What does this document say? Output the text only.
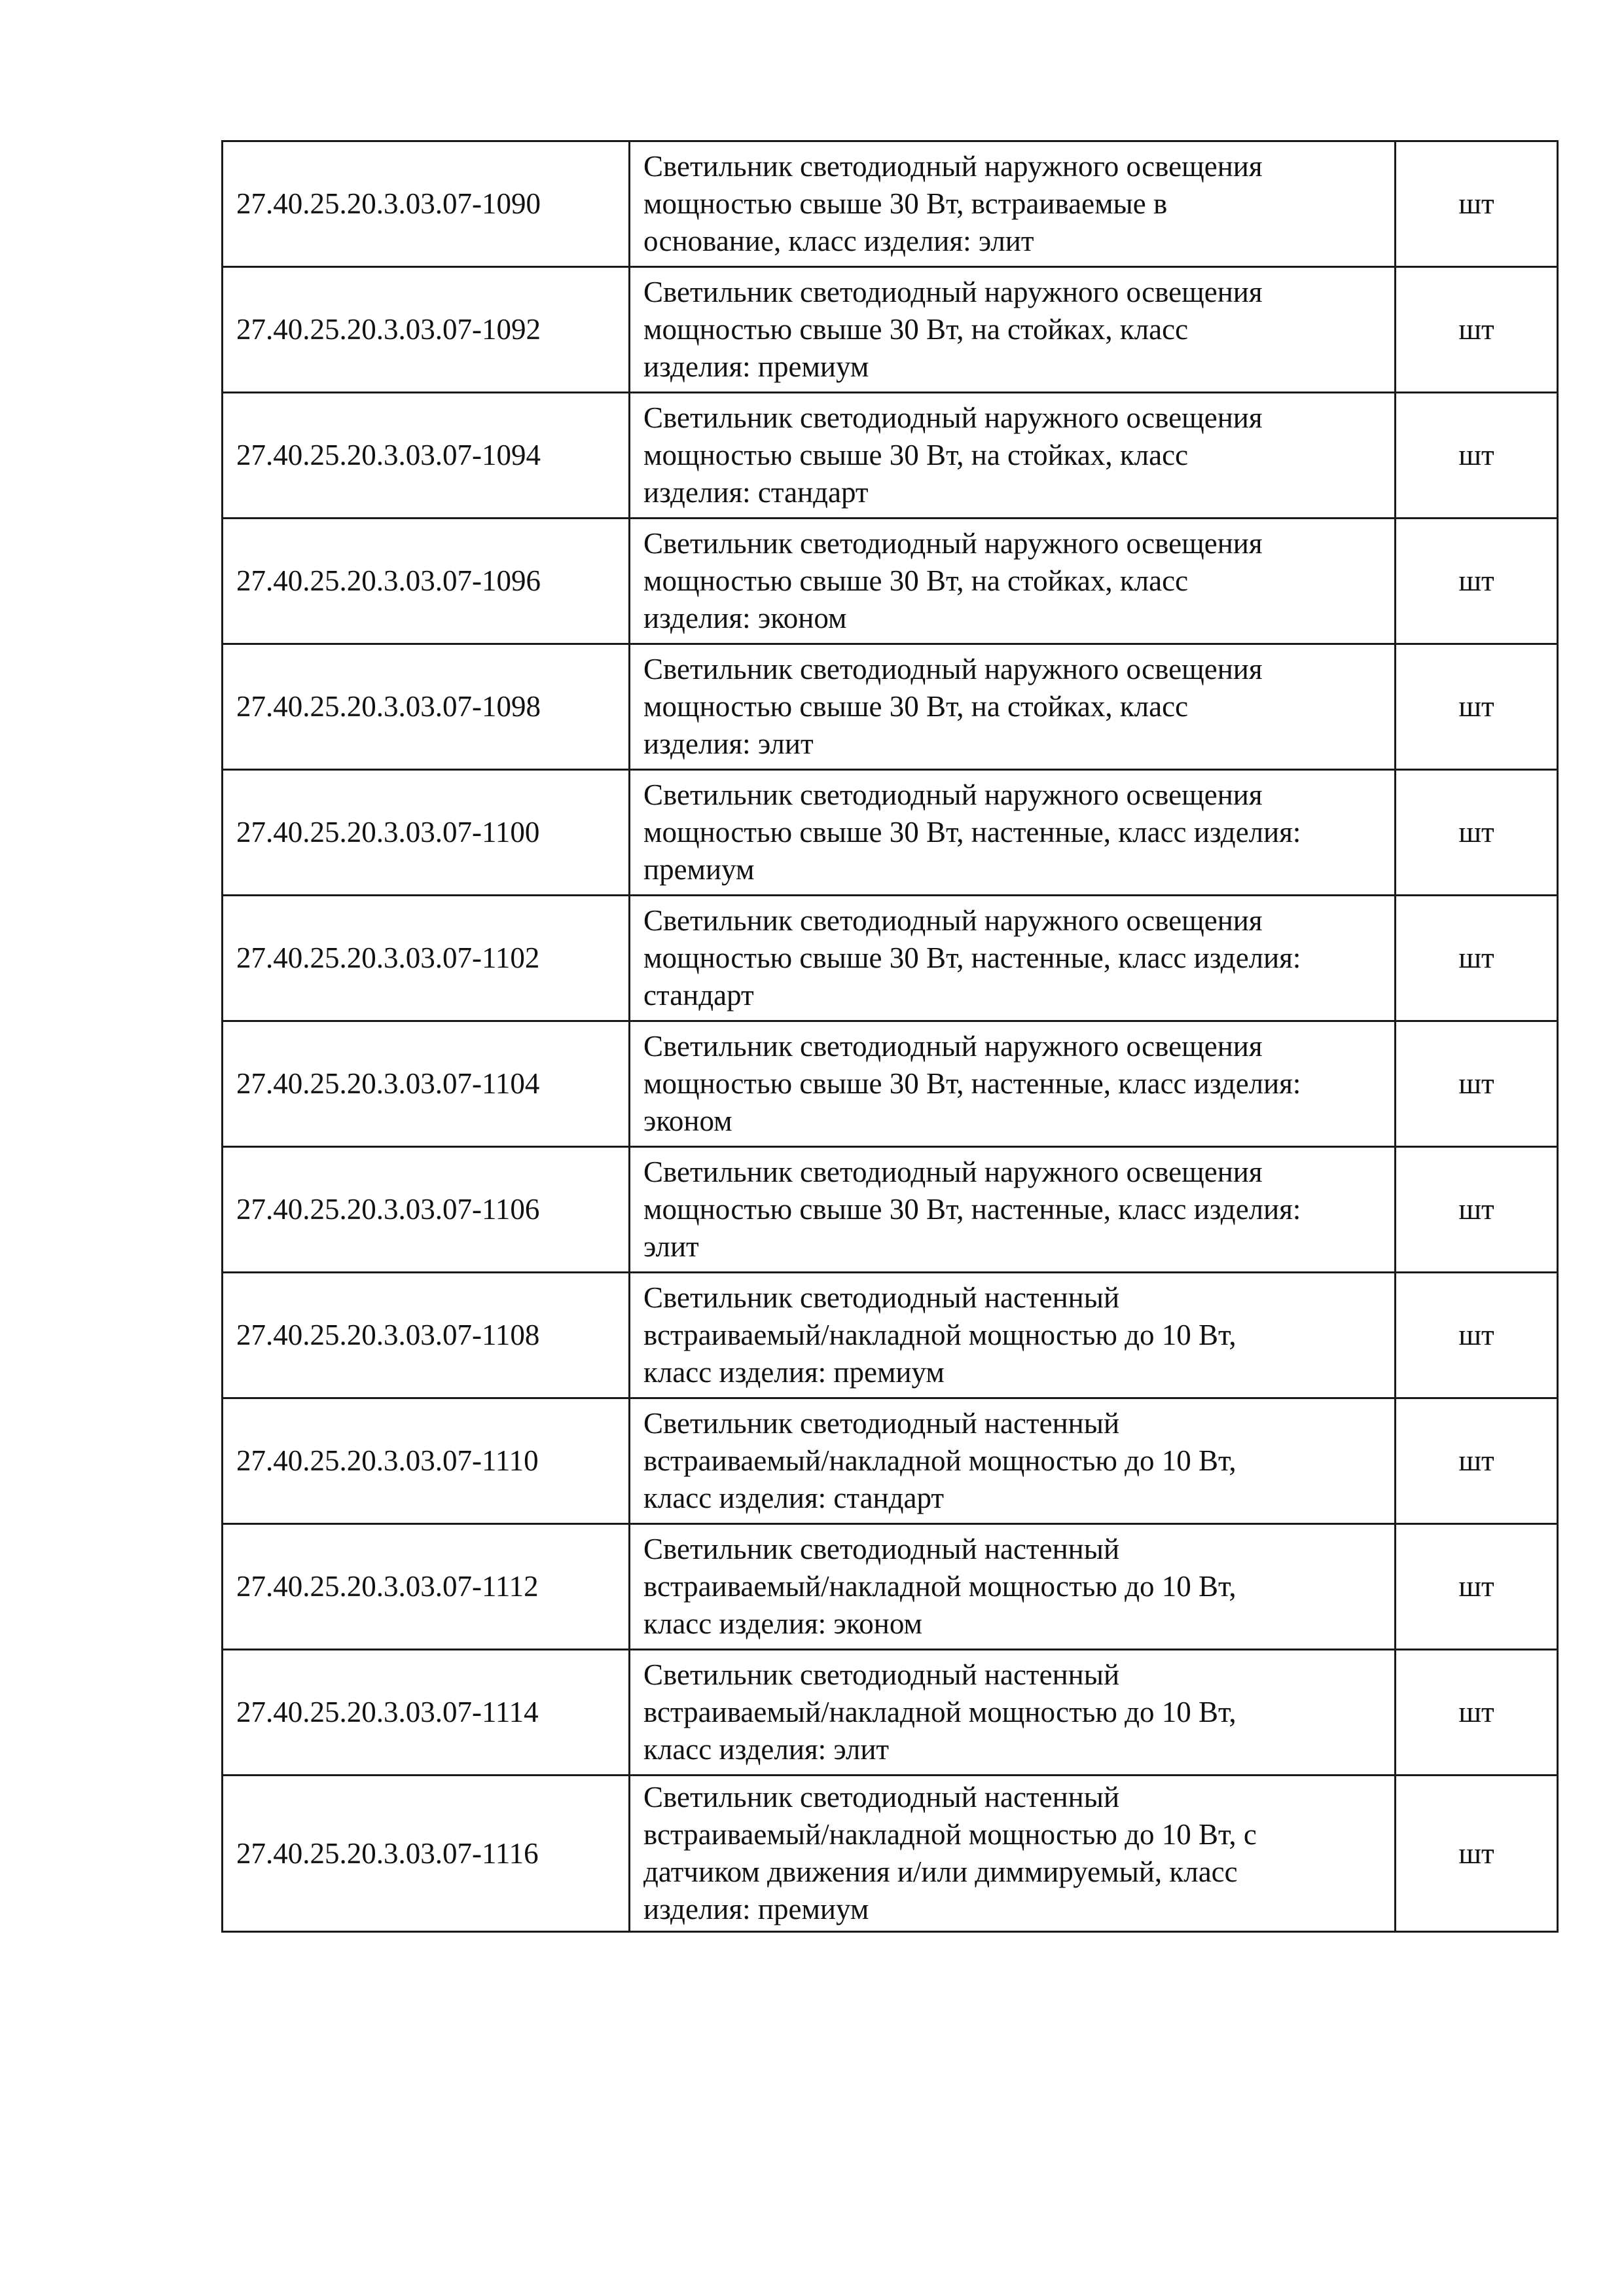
27.40.25.20.3.03.07-1090	Светильник светодиодный наружного освещения
мощностью свыше 30 Вт, встраиваемые в
основание, класс изделия: элит	шт
27.40.25.20.3.03.07-1092	Светильник светодиодный наружного освещения
мощностью свыше 30 Вт, на стойках, класс
изделия: премиум	шт
27.40.25.20.3.03.07-1094	Светильник светодиодный наружного освещения
мощностью свыше 30 Вт, на стойках, класс
изделия: стандарт	шт
27.40.25.20.3.03.07-1096	Светильник светодиодный наружного освещения
мощностью свыше 30 Вт, на стойках, класс
изделия: эконом	шт
27.40.25.20.3.03.07-1098	Светильник светодиодный наружного освещения
мощностью свыше 30 Вт, на стойках, класс
изделия: элит	шт
27.40.25.20.3.03.07-1100	Светильник светодиодный наружного освещения
мощностью свыше 30 Вт, настенные, класс изделия:
премиум	шт
27.40.25.20.3.03.07-1102	Светильник светодиодный наружного освещения
мощностью свыше 30 Вт, настенные, класс изделия:
стандарт	шт
27.40.25.20.3.03.07-1104	Светильник светодиодный наружного освещения
мощностью свыше 30 Вт, настенные, класс изделия:
эконом	шт
27.40.25.20.3.03.07-1106	Светильник светодиодный наружного освещения
мощностью свыше 30 Вт, настенные, класс изделия:
элит	шт
27.40.25.20.3.03.07-1108	Светильник светодиодный настенный
встраиваемый/накладной мощностью до 10 Вт,
класс изделия: премиум	шт
27.40.25.20.3.03.07-1110	Светильник светодиодный настенный
встраиваемый/накладной мощностью до 10 Вт,
класс изделия: стандарт	шт
27.40.25.20.3.03.07-1112	Светильник светодиодный настенный
встраиваемый/накладной мощностью до 10 Вт,
класс изделия: эконом	шт
27.40.25.20.3.03.07-1114	Светильник светодиодный настенный
встраиваемый/накладной мощностью до 10 Вт,
класс изделия: элит	шт
27.40.25.20.3.03.07-1116	Светильник светодиодный настенный
встраиваемый/накладной мощностью до 10 Вт, с
датчиком движения и/или диммируемый, класс
изделия: премиум	шт
